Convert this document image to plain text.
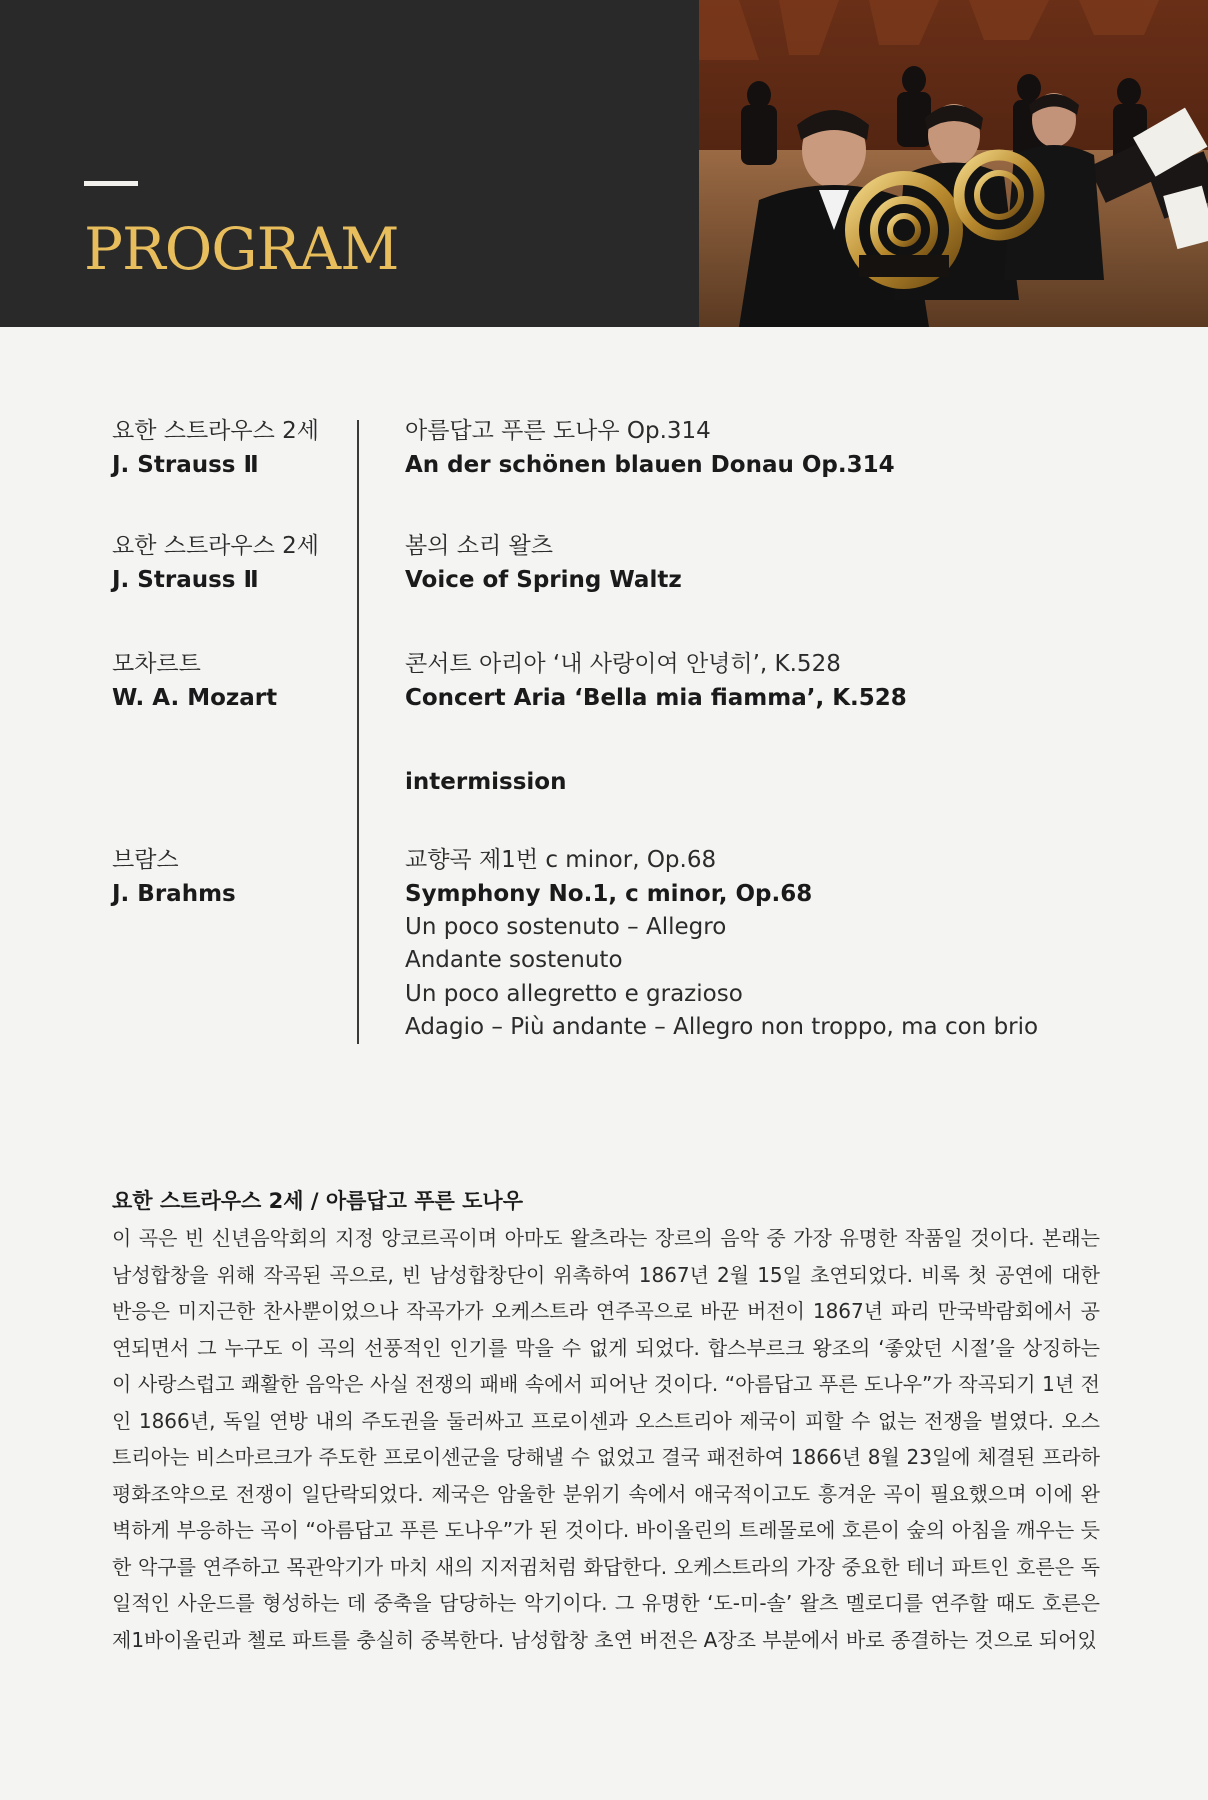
PROGRAM
요한 스트라우스 2세
J. Strauss Ⅱ
아름답고 푸른 도나우 Op.314
An der schönen blauen Donau Op.314
요한 스트라우스 2세
J. Strauss Ⅱ
봄의 소리 왈츠
Voice of Spring Waltz
모차르트
W. A. Mozart
콘서트 아리아 ‘내 사랑이여 안녕히’, K.528
Concert Aria ‘Bella mia fiamma’, K.528
intermission
브람스
J. Brahms
교향곡 제1번 c minor, Op.68
Symphony No.1, c minor, Op.68
Un poco sostenuto – Allegro
Andante sostenuto
Un poco allegretto e grazioso
Adagio – Più andante – Allegro non troppo, ma con brio
요한 스트라우스 2세 / 아름답고 푸른 도나우

이 곡은 빈 신년음악회의 지정 앙코르곡이며 아마도 왈츠라는 장르의 음악 중 가장 유명한 작품일 것이다. 본래는 남성합창을 위해 작곡된 곡으로, 빈 남성합창단이 위촉하여 1867년 2월 15일 초연되었다. 비록 첫 공연에 대한 반응은 미지근한 찬사뿐이었으나 작곡가가 오케스트라 연주곡으로 바꾼 버전이 1867년 파리 만국박람회에서 공연되면서 그 누구도 이 곡의 선풍적인 인기를 막을 수 없게 되었다. 합스부르크 왕조의 ‘좋았던 시절’을 상징하는 이 사랑스럽고 쾌활한 음악은 사실 전쟁의 패배 속에서 피어난 것이다. “아름답고 푸른 도나우”가 작곡되기 1년 전인 1866년, 독일 연방 내의 주도권을 둘러싸고 프로이센과 오스트리아 제국이 피할 수 없는 전쟁을 벌였다. 오스트리아는 비스마르크가 주도한 프로이센군을 당해낼 수 없었고 결국 패전하여 1866년 8월 23일에 체결된 프라하 평화조약으로 전쟁이 일단락되었다. 제국은 암울한 분위기 속에서 애국적이고도 흥겨운 곡이 필요했으며 이에 완벽하게 부응하는 곡이 “아름답고 푸른 도나우”가 된 것이다. 바이올린의 트레몰로에 호른이 숲의 아침을 깨우는 듯한 악구를 연주하고 목관악기가 마치 새의 지저귐처럼 화답한다. 오케스트라의 가장 중요한 테너 파트인 호른은 독일적인 사운드를 형성하는 데 중축을 담당하는 악기이다. 그 유명한 ‘도-미-솔’ 왈츠 멜로디를 연주할 때도 호른은 제1바이올린과 첼로 파트를 충실히 중복한다. 남성합창 초연 버전은 A장조 부분에서 바로 종결하는 것으로 되어있
